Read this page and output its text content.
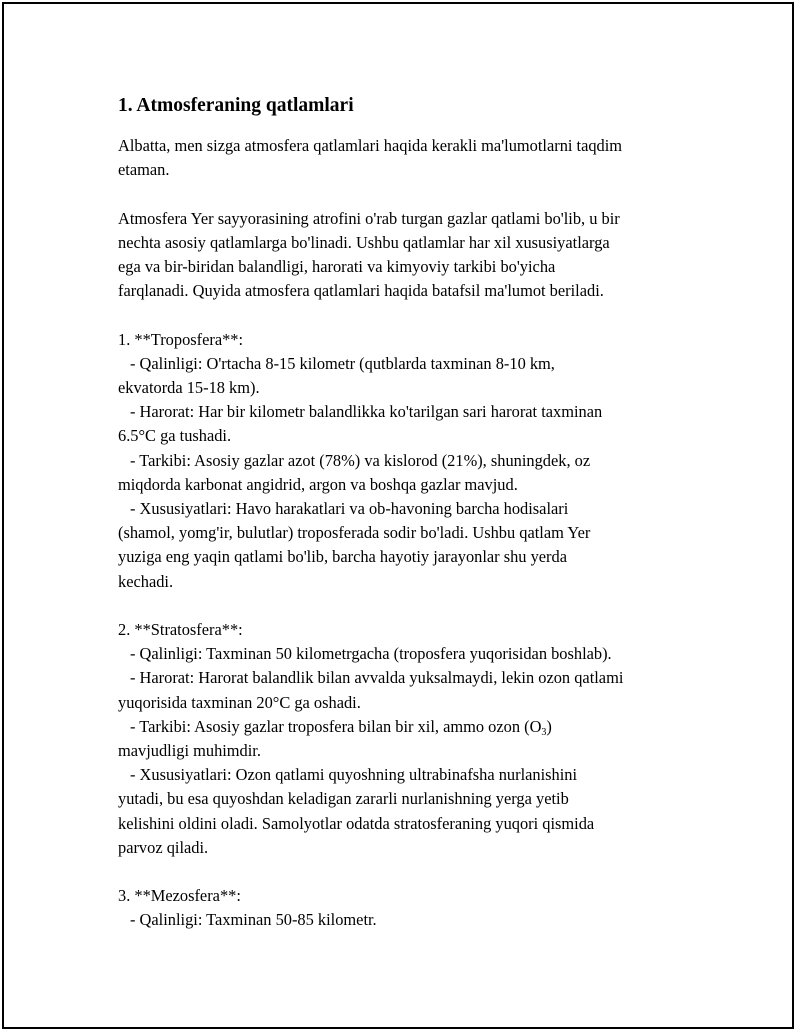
1. Atmosferaning qatlamlari
Albatta, men sizga atmosfera qatlamlari haqida kerakli ma'lumotlarni taqdim
etaman.
Atmosfera Yer sayyorasining atrofini o'rab turgan gazlar qatlami bo'lib, u bir
nechta asosiy qatlamlarga bo'linadi. Ushbu qatlamlar har xil xususiyatlarga
ega va bir-biridan balandligi, harorati va kimyoviy tarkibi bo'yicha
farqlanadi. Quyida atmosfera qatlamlari haqida batafsil ma'lumot beriladi.
1. **Troposfera**:
- Qalinligi: O'rtacha 8-15 kilometr (qutblarda taxminan 8-10 km,
ekvatorda 15-18 km).
- Harorat: Har bir kilometr balandlikka ko'tarilgan sari harorat taxminan
6.5°C ga tushadi.
- Tarkibi: Asosiy gazlar azot (78%) va kislorod (21%), shuningdek, oz
miqdorda karbonat angidrid, argon va boshqa gazlar mavjud.
- Xususiyatlari: Havo harakatlari va ob-havoning barcha hodisalari
(shamol, yomg'ir, bulutlar) troposferada sodir bo'ladi. Ushbu qatlam Yer
yuziga eng yaqin qatlami bo'lib, barcha hayotiy jarayonlar shu yerda
kechadi.
2. **Stratosfera**:
- Qalinligi: Taxminan 50 kilometrgacha (troposfera yuqorisidan boshlab).
- Harorat: Harorat balandlik bilan avvalda yuksalmaydi, lekin ozon qatlami
yuqorisida taxminan 20°C ga oshadi.
- Tarkibi: Asosiy gazlar troposfera bilan bir xil, ammo ozon $(O_3)$
mavjudligi muhimdir.
- Xususiyatlari: Ozon qatlami quyoshning ultrabinafsha nurlanishini
yutadi, bu esa quyoshdan keladigan zararli nurlanishning yerga yetib
kelishini oldini oladi. Samolyotlar odatda stratosferaning yuqori qismida
parvoz qiladi.
3. **Mezosfera**:
- Qalinligi: Taxminan 50-85 kilometr.
